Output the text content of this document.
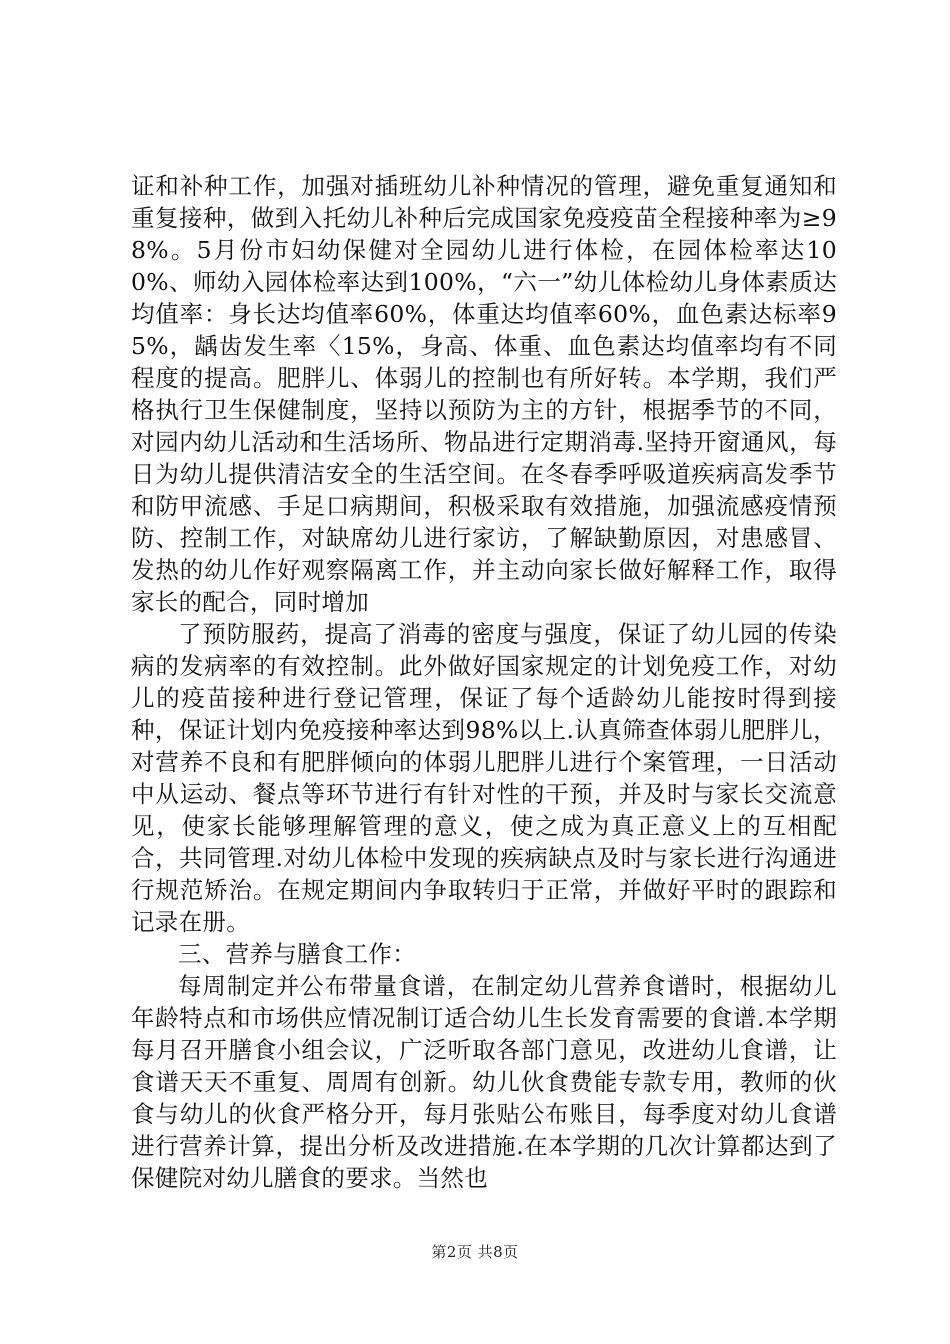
证和补种工作，加强对插班幼儿补种情况的管理，避免重复通知和重复接种，做到入托幼儿补种后完成国家免疫疫苗全程接种率为≥98%。5月份市妇幼保健对全园幼儿进行体检，在园体检率达100%、师幼入园体检率达到100%，“六一”幼儿体检幼儿身体素质达均值率：身长达均值率60%，体重达均值率60%，血色素达标率95%，龋齿发生率〈15%，身高、体重、血色素达均值率均有不同程度的提高。肥胖儿、体弱儿的控制也有所好转。本学期，我们严格执行卫生保健制度，坚持以预防为主的方针，根据季节的不同，对园内幼儿活动和生活场所、物品进行定期消毒.坚持开窗通风，每日为幼儿提供清洁安全的生活空间。在冬春季呼吸道疾病高发季节和防甲流感、手足口病期间，积极采取有效措施，加强流感疫情预防、控制工作，对缺席幼儿进行家访，了解缺勤原因，对患感冒、发热的幼儿作好观察隔离工作，并主动向家长做好解释工作，取得家长的配合，同时增加

了预防服药，提高了消毒的密度与强度，保证了幼儿园的传染病的发病率的有效控制。此外做好国家规定的计划免疫工作，对幼儿的疫苗接种进行登记管理，保证了每个适龄幼儿能按时得到接种，保证计划内免疫接种率达到98%以上.认真筛查体弱儿肥胖儿，对营养不良和有肥胖倾向的体弱儿肥胖儿进行个案管理，一日活动中从运动、餐点等环节进行有针对性的干预，并及时与家长交流意见，使家长能够理解管理的意义，使之成为真正意义上的互相配合，共同管理.对幼儿体检中发现的疾病缺点及时与家长进行沟通进行规范矫治。在规定期间内争取转归于正常，并做好平时的跟踪和记录在册。

三、营养与膳食工作：

每周制定并公布带量食谱，在制定幼儿营养食谱时，根据幼儿年龄特点和市场供应情况制订适合幼儿生长发育需要的食谱.本学期每月召开膳食小组会议，广泛听取各部门意见，改进幼儿食谱，让食谱天天不重复、周周有创新。幼儿伙食费能专款专用，教师的伙食与幼儿的伙食严格分开，每月张贴公布账目，每季度对幼儿食谱进行营养计算，提出分析及改进措施.在本学期的几次计算都达到了保健院对幼儿膳食的要求。当然也

第2页 共8页
